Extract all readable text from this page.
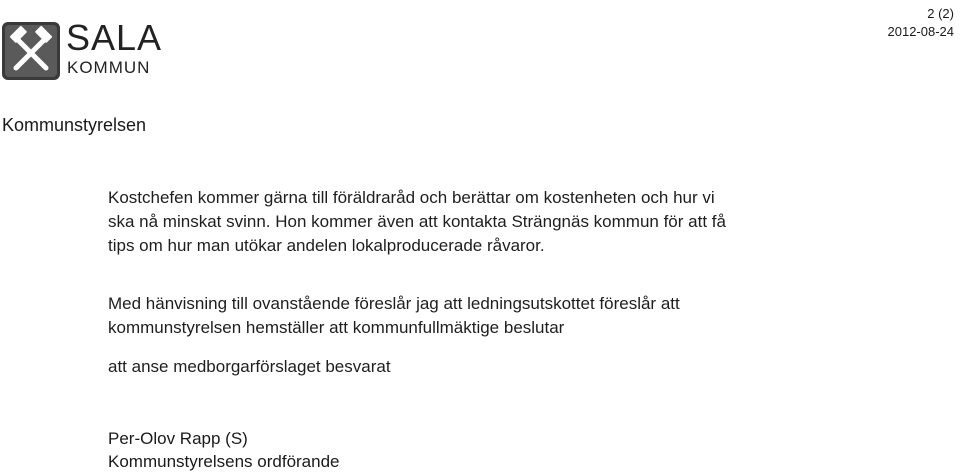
SALA
KOMMUN
2 (2)
2012-08-24
Kommunstyrelsen
Kostchefen kommer gärna till föräldraråd och berättar om kostenheten och hur vi
ska nå minskat svinn. Hon kommer även att kontakta Strängnäs kommun för att få
tips om hur man utökar andelen lokalproducerade råvaror.
Med hänvisning till ovanstående föreslår jag att ledningsutskottet föreslår att
kommunstyrelsen hemställer att kommunfullmäktige beslutar
att anse medborgarförslaget besvarat
Per-Olov Rapp (S)
Kommunstyrelsens ordförande
